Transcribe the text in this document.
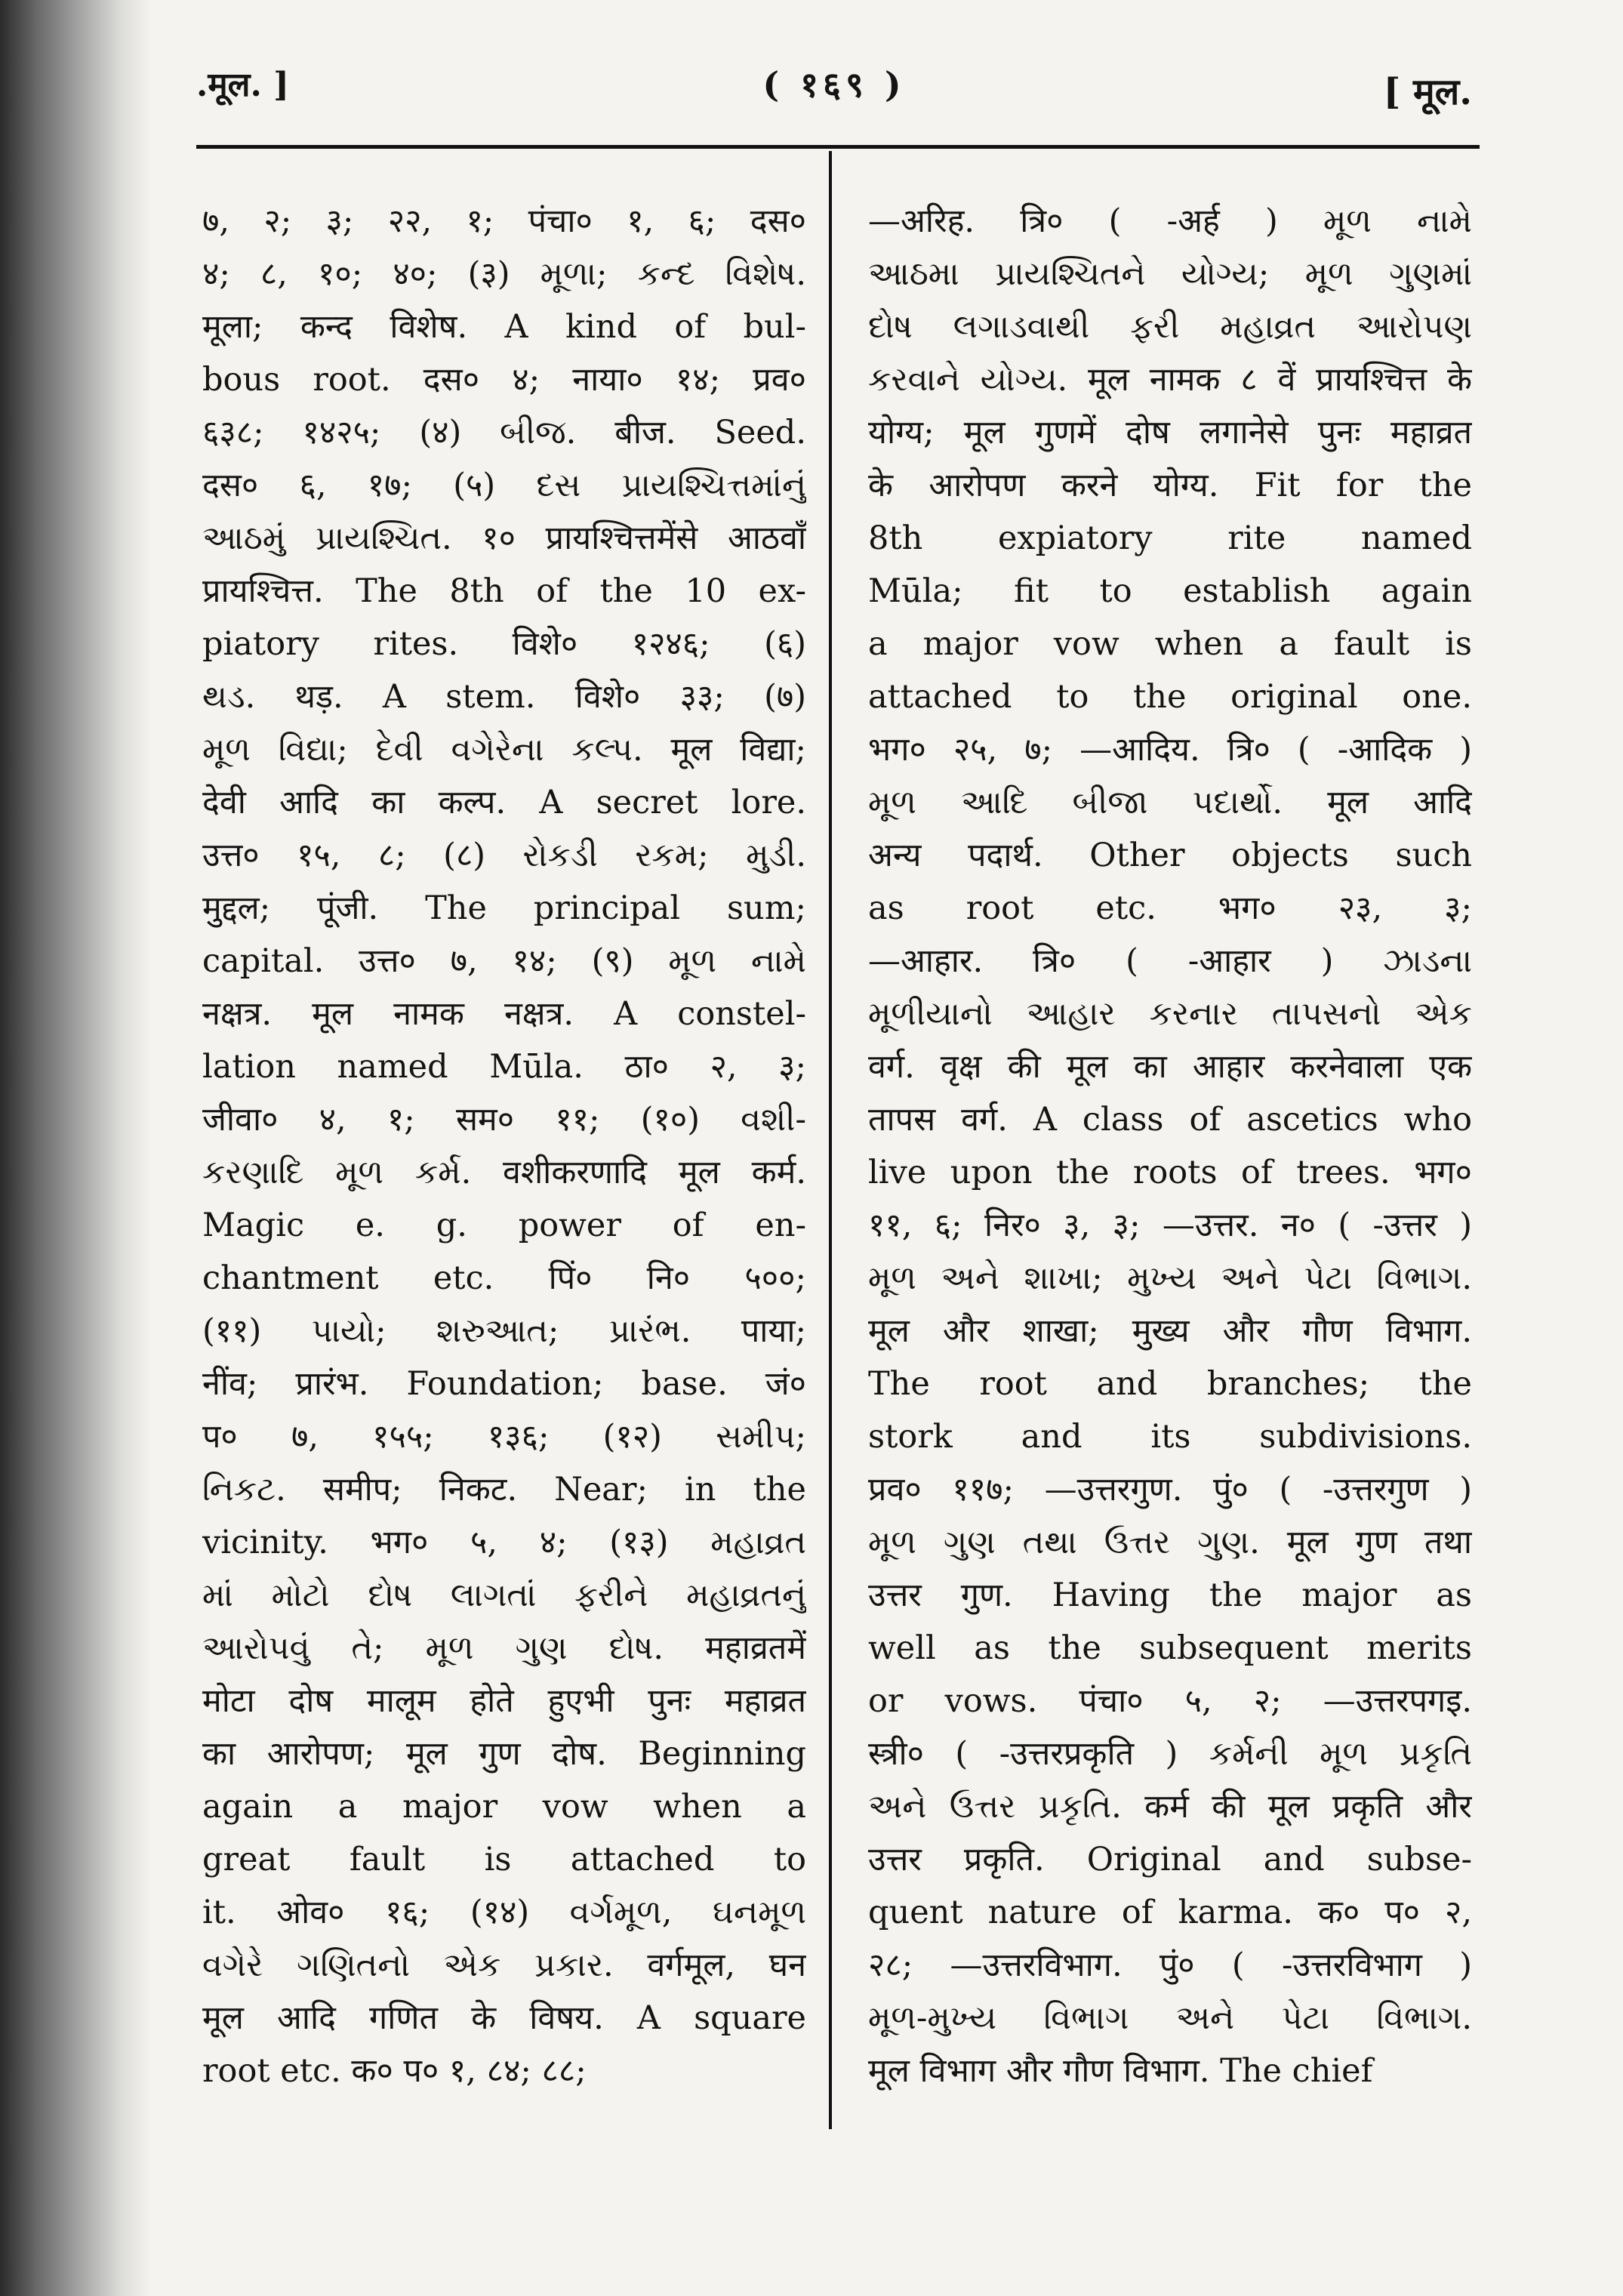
.मूल. ]	( १६९ )	[ मूल.
७, २; ३; २२, १; पंचा० १, ६; दस०
४; ८, १०; ४०; (३) મૂળા; કન્દ વિશેષ.
मूला; कन्द विशेष. A kind of bul-
bous root. दस० ४; नाया० १४; प्रव०
६३८; १४२५; (४) બીજ. बीज. Seed.
दस० ६, १७; (५) દસ પ્રાયશ્ચિત્તમાંનું
આઠમું પ્રાયશ્ચિત. १० प्रायश्चित्तमेंसे आठवाँ
प्रायश्चित्त. The 8th of the 10 ex-
piatory rites. विशे० १२४६; (६)
થડ. थड़. A stem. विशे० ३३; (७)
મૂળ વિદ્યા; દેવી વગેરેના કલ્પ. मूल विद्या;
देवी आदि का कल्प. A secret lore.
उत्त० १५, ८; (८) રોકડી રકમ; મુડી.
मुद्दल; पूंजी. The principal sum;
capital. उत्त० ७, १४; (९) મૂળ નામે
नक्षत्र. मूल नामक नक्षत्र. A constel-
lation named Mūla. ठा० २, ३;
जीवा० ४, १; सम० ११; (१०) વશી-
કરણાદિ મૂળ કર્મ. वशीकरणादि मूल कर्म.
Magic e. g. power of en-
chantment etc. पिं० नि० ५००;
(११) પાયો; શરુઆત; પ્રારંભ. पाया;
नींव; प्रारंभ. Foundation; base. जं०
प० ७, १५५; १३६; (१२) સમીપ;
નિકટ. समीप; निकट. Near; in the
vicinity. भग० ५, ४; (१३) મહાવ્રત
માં મોટો દોષ લાગતાં ફરીને મહાવ્રતનું
આરોપવું તે; મૂળ ગુણ દોષ. महाव्रतमें
मोटा दोष मालूम होते हुएभी पुनः महाव्रत
का आरोपण; मूल गुण दोष. Beginning
again a major vow when a
great fault is attached to
it. ओव० १६; (१४) વર્ગમૂળ, ઘનમૂળ
વગેરે ગણિતનો એક પ્રકાર. वर्गमूल, घन
मूल आदि गणित के विषय. A square
root etc. क० प० १, ८४; ८८;
—अरिह. त्रि० ( -अर्ह ) મૂળ નામે
આઠમા પ્રાયશ્ચિતને યોગ્ય; મૂળ ગુણમાં
દોષ લગાડવાથી ફરી મહાવ્રત આરોપણ
કરવાને યોગ્ય. मूल नामक ८ वें प्रायश्चित्त के
योग्य; मूल गुणमें दोष लगानेसे पुनः महाव्रत
के आरोपण करने योग्य. Fit for the
8th expiatory rite named
Mūla; fit to establish again
a major vow when a fault is
attached to the original one.
भग० २५, ७; —आदिय. त्रि० ( -आदिक )
મૂળ આદિ બીજા પદાર્થો. मूल आदि
अन्य पदार्थ. Other objects such
as root etc. भग० २३, ३;
—आहार. त्रि० ( -आहार ) ઝાડના
મૂળીયાનો આહાર કરનાર તાપસનો એક
वर्ग. वृक्ष की मूल का आहार करनेवाला एक
तापस वर्ग. A class of ascetics who
live upon the roots of trees. भग०
११, ६; निर० ३, ३; —उत्तर. न० ( -उत्तर )
મૂળ અને શાખા; મુખ્ય અને પેટા વિભાગ.
मूल और शाखा; मुख्य और गौण विभाग.
The root and branches; the
stork and its subdivisions.
प्रव० ११७; —उत्तरगुण. पुं० ( -उत्तरगुण )
મૂળ ગુણ તથા ઉત્તર ગુણ. मूल गुण तथा
उत्तर गुण. Having the major as
well as the subsequent merits
or vows. पंचा० ५, २; —उत्तरपगइ.
स्त्री० ( -उत्तरप्रकृति ) કર્મની મૂળ પ્રકૃતિ
અને ઉત્તર પ્રકૃતિ. कर्म की मूल प्रकृति और
उत्तर प्रकृति. Original and subse-
quent nature of karma. क० प० २,
२८; —उत्तरविभाग. पुं० ( -उत्तरविभाग )
મૂળ-મુખ્ય વિભાગ અને પેટા વિભાગ.
मूल विभाग और गौण विभाग. The chief
